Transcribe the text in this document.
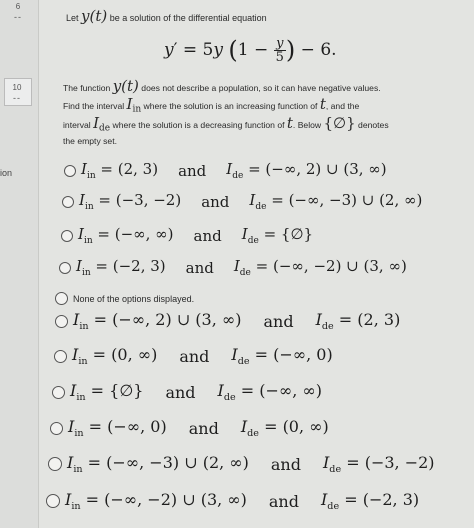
6
--
10
--
ion
Let y(t) be a solution of the differential equation
y′ = 5y ($1 - \frac{y}{5}$ ) − 6.
The function y(t) does not describe a population, so it can have negative values.
Find the interval $I_{in}$ where the solution is an increasing function of t, and the
interval $I_{de}$ where the solution is a decreasing function of t. Below {∅} denotes
the empty set.
$I_{in} = (2$, 3) and $I_{de}$ = (−∞, 2) ∪ (3, ∞)
$I_{in} = (-3$, −2) and $I_{de}$ = (−∞, −3) ∪ (2, ∞)
$I_{in}$ = (−∞, ∞) and $I_{de}$ = {∅}
$I_{in} = (-2$, 3) and $I_{de}$ = (−∞, −2) ∪ (3, ∞)
None of the options displayed.
$I_{in}$ = (−∞, 2) ∪ (3, ∞) and $I_{de} = (2$, 3)
$I_{in} = (0$, ∞) and $I_{de}$ = (−∞, 0)
$I_{in}$ = {∅} and $I_{de}$ = (−∞, ∞)
$I_{in}$ = (−∞, 0) and $I_{de} = (0$, ∞)
$I_{in}$ = (−∞, −3) ∪ (2, ∞) and $I_{de} = (-3$, −2)
$I_{in}$ = (−∞, −2) ∪ (3, ∞) and $I_{de} = (-2$, 3)
